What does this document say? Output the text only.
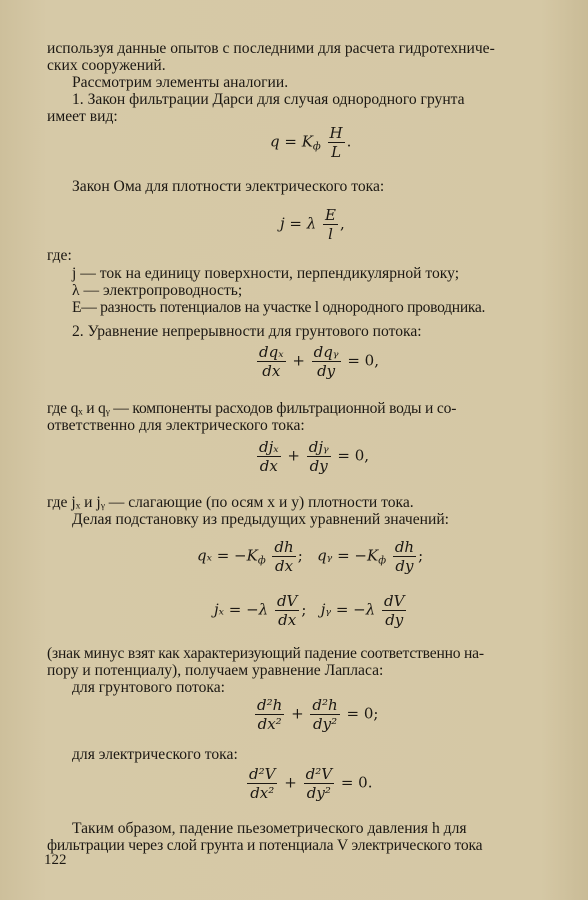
используя данные опытов с последними для расчета гидротехниче-
ских сооружений.
Рассмотрим элементы аналогии.
1. Закон фильтрации Дарси для случая однородного грунта
имеет вид:
$q = K_ф \frac{H}{L}$ .
Закон Ома для плотности электрического тока:
j = λ $\frac{E}{l}$ ,
где:
j — ток на единицу поверхности, перпендикулярной току;
λ — электропроводность;
E— разность потенциалов на участке l однородного проводника.
2. Уравнение непрерывности для грунтового потока:
$\frac{\text{dqₓ}}{dx} + \frac{\text{dqᵧ}}{dy} = 0$,
где qₓ и qᵧ — компоненты расходов фильтрационной воды и со-
ответственно для электрического тока:
$\frac{\text{djₓ}}{dx} + \frac{\text{djᵧ}}{dy} = 0$,
где jₓ и jᵧ — слагающие (по осям x и y) плотности тока.
Делая подстановку из предыдущих уравнений значений:
$q_x = -K_ф \frac{dh}{dx}$ ;   qᵧ = $-K_ф \frac{dh}{dy}$ ;
$j_x = -\lambda \frac{dV}{dx}$ ;   jᵧ = $-\lambda \frac{dV}{dy}$
(знак минус взят как характеризующий падение соответственно на-
пору и потенциалу), получаем уравнение Лапласа:
для грунтового потока:
$\frac{\text{d²h}}{\text{dx²}} + \frac{\text{d²h}}{\text{dy²}} = 0$;
для электрического тока:
$\frac{\text{d²V}}{\text{dx²}} + \frac{\text{d²V}}{\text{dy²}} = 0$.
Таким образом, падение пьезометрического давления h для
фильтрации через слой грунта и потенциала V электрического тока
122
